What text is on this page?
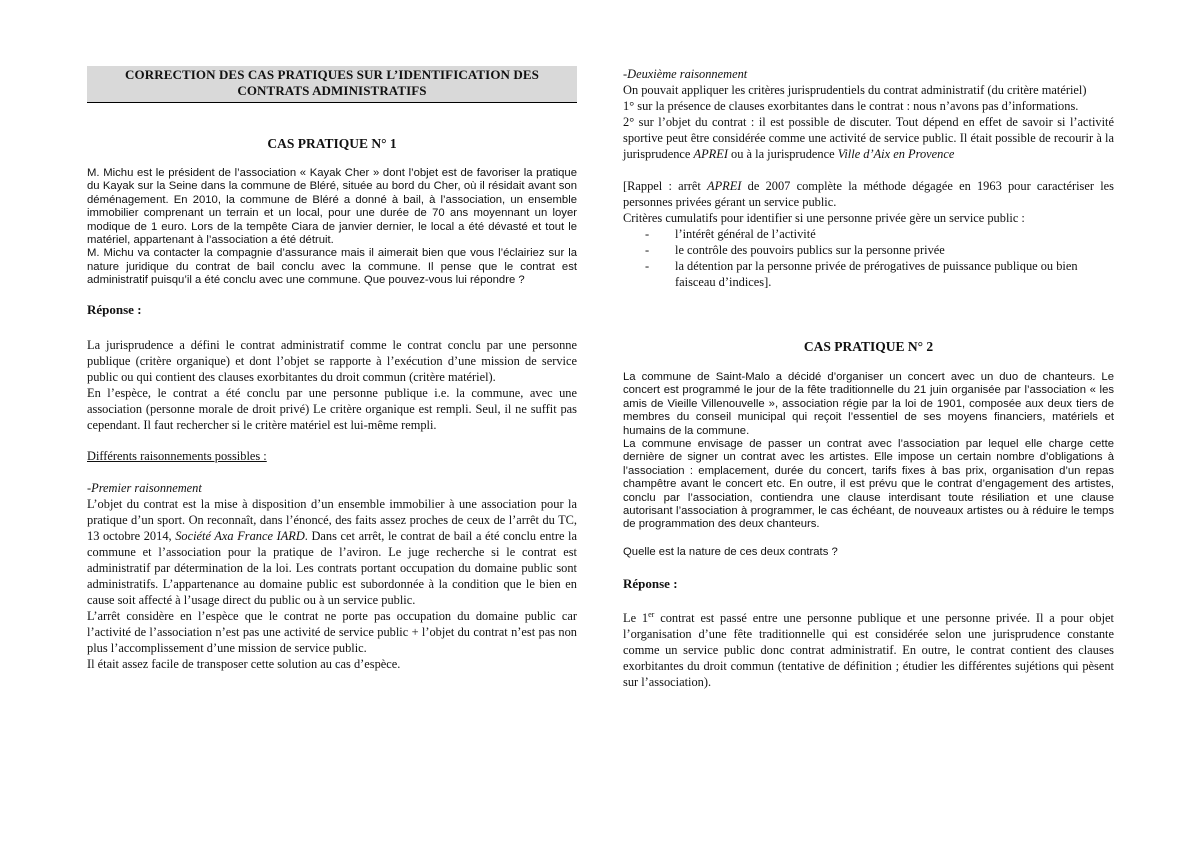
CORRECTION DES CAS PRATIQUES SUR L’IDENTIFICATION DES
CONTRATS ADMINISTRATIFS
CAS PRATIQUE N° 1

M. Michu est le président de l’association « Kayak Cher » dont l’objet est de favoriser la pratique du Kayak sur la Seine dans la commune de Bléré, située au bord du Cher, où il résidait avant son déménagement. En 2010, la commune de Bléré a donné à bail, à l’association, un ensemble immobilier comprenant un terrain et un local, pour une durée de 70 ans moyennant un loyer modique de 1 euro. Lors de la tempête Ciara de janvier dernier, le local a été dévasté et tout le matériel, appartenant à l’association a été détruit.

M. Michu va contacter la compagnie d’assurance mais il aimerait bien que vous l’éclairiez sur la nature juridique du contrat de bail conclu avec la commune. Il pense que le contrat est administratif puisqu’il a été conclu avec une commune. Que pouvez-vous lui répondre ?

Réponse :

La jurisprudence a défini le contrat administratif comme le contrat conclu par une personne publique (critère organique) et dont l’objet se rapporte à l’exécution d’une mission de service public ou qui contient des clauses exorbitantes du droit commun (critère matériel).

En l’espèce, le contrat a été conclu par une personne publique i.e. la commune, avec une association (personne morale de droit privé) Le critère organique est rempli. Seul, il ne suffit pas cependant. Il faut rechercher si le critère matériel est lui-même rempli.

Différents raisonnements possibles :

-Premier raisonnement

L’objet du contrat est la mise à disposition d’un ensemble immobilier à une association pour la pratique d’un sport. On reconnaît, dans l’énoncé, des faits assez proches de ceux de l’arrêt du TC, 13 octobre 2014, Société Axa France IARD. Dans cet arrêt, le contrat de bail a été conclu entre la commune et l’association pour la pratique de l’aviron. Le juge recherche si le contrat est administratif par détermination de la loi. Les contrats portant occupation du domaine public sont administratifs. L’appartenance au domaine public est subordonnée à la condition que le bien en cause soit affecté à l’usage direct du public ou à un service public.

L’arrêt considère en l’espèce que le contrat ne porte pas occupation du domaine public car l’activité de l’association n’est pas une activité de service public + l’objet du contrat n’est pas non plus l’accomplissement d’une mission de service public.

Il était assez facile de transposer cette solution au cas d’espèce.

-Deuxième raisonnement

On pouvait appliquer les critères jurisprudentiels du contrat administratif (du critère matériel)

1° sur la présence de clauses exorbitantes dans le contrat : nous n’avons pas d’informations.

2° sur l’objet du contrat : il est possible de discuter. Tout dépend en effet de savoir si l’activité sportive peut être considérée comme une activité de service public. Il était possible de recourir à la jurisprudence APREI ou à la jurisprudence Ville d’Aix en Provence

[Rappel : arrêt APREI de 2007 complète la méthode dégagée en 1963 pour caractériser les personnes privées gérant un service public.

Critères cumulatifs pour identifier si une personne privée gère un service public :

- l’intérêt général de l’activité
- le contrôle des pouvoirs publics sur la personne privée
- la détention par la personne privée de prérogatives de puissance publique ou bien faisceau d’indices].
CAS PRATIQUE N° 2

La commune de Saint-Malo a décidé d’organiser un concert avec un duo de chanteurs. Le concert est programmé le jour de la fête traditionnelle du 21 juin organisée par l’association « les amis de Vieille Villenouvelle », association régie par la loi de 1901, composée aux deux tiers de membres du conseil municipal qui reçoit l’essentiel de ses moyens financiers, matériels et humains de la commune.

La commune envisage de passer un contrat avec l’association par lequel elle charge cette dernière de signer un contrat avec les artistes. Elle impose un certain nombre d’obligations à l’association : emplacement, durée du concert, tarifs fixes à bas prix, organisation d’un repas champêtre avant le concert etc. En outre, il est prévu que le contrat d’engagement des artistes, conclu par l’association, contiendra une clause interdisant toute résiliation et une clause autorisant l’association à programmer, le cas échéant, de nouveaux artistes ou à réduire le temps de programmation des deux chanteurs.

Quelle est la nature de ces deux contrats ?

Réponse :

Le 1er contrat est passé entre une personne publique et une personne privée. Il a pour objet l’organisation d’une fête traditionnelle qui est considérée selon une jurisprudence constante comme un service public donc contrat administratif. En outre, le contrat contient des clauses exorbitantes du droit commun (tentative de définition ; étudier les différentes sujétions qui pèsent sur l’association).
